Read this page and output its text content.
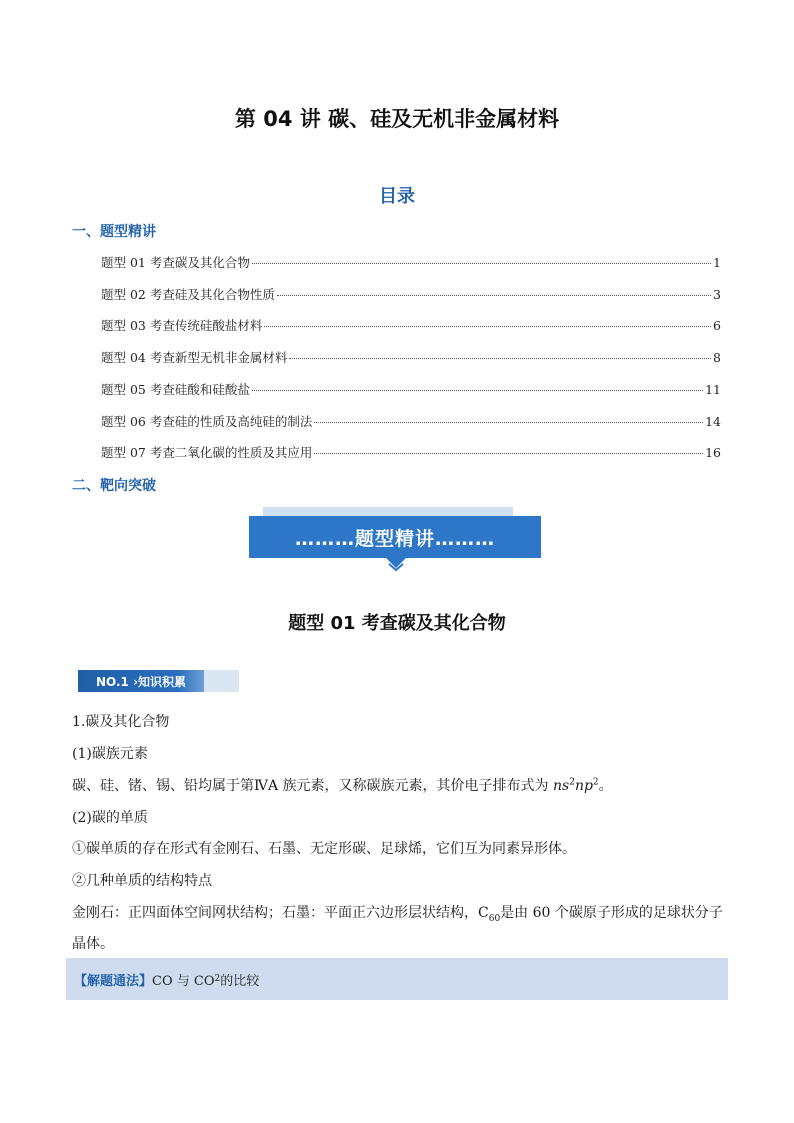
第 04 讲 碳、硅及无机非金属材料
目录
一、题型精讲
题型 01 考查碳及其化合物	1
题型 02 考查硅及其化合物性质	3
题型 03 考查传统硅酸盐材料	6
题型 04 考查新型无机非金属材料	8
题型 05 考查硅酸和硅酸盐	11
题型 06 考查硅的性质及高纯硅的制法	14
题型 07 考查二氧化碳的性质及其应用	16
二、靶向突破
………题型精讲………
题型 01 考查碳及其化合物
NO.1 ›知识积累
1.碳及其化合物
(1)碳族元素
碳、硅、锗、锡、铅均属于第ⅣA 族元素，又称碳族元素，其价电子排布式为 $ns^2np^2$。
(2)碳的单质
①碳单质的存在形式有金刚石、石墨、无定形碳、足球烯，它们互为同素异形体。
②几种单质的结构特点
金刚石：正四面体空间网状结构；石墨：平面正六边形层状结构，$C_{60}$是由 60 个碳原子形成的足球状分子
晶体。
【解题通法】 CO 与 CO 2 的比较
